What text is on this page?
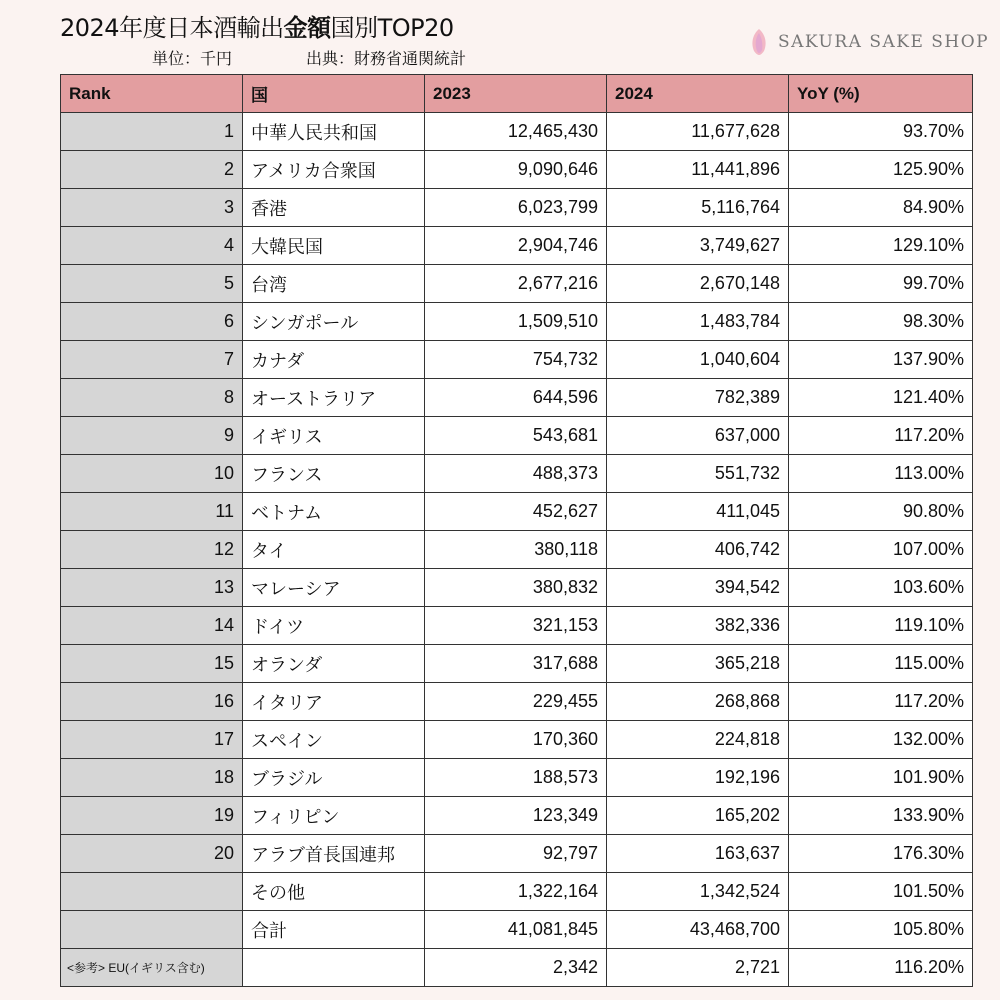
2024年度日本酒輸出金額国別TOP20
単位：千円	出典：財務省通関統計
SAKURA SAKE SHOP
Rank	国	2023	2024	YoY (%)
1	中華人民共和国	12,465,430	11,677,628	93.70%
2	アメリカ合衆国	9,090,646	11,441,896	125.90%
3	香港	6,023,799	5,116,764	84.90%
4	大韓民国	2,904,746	3,749,627	129.10%
5	台湾	2,677,216	2,670,148	99.70%
6	シンガポール	1,509,510	1,483,784	98.30%
7	カナダ	754,732	1,040,604	137.90%
8	オーストラリア	644,596	782,389	121.40%
9	イギリス	543,681	637,000	117.20%
10	フランス	488,373	551,732	113.00%
11	ベトナム	452,627	411,045	90.80%
12	タイ	380,118	406,742	107.00%
13	マレーシア	380,832	394,542	103.60%
14	ドイツ	321,153	382,336	119.10%
15	オランダ	317,688	365,218	115.00%
16	イタリア	229,455	268,868	117.20%
17	スペイン	170,360	224,818	132.00%
18	ブラジル	188,573	192,196	101.90%
19	フィリピン	123,349	165,202	133.90%
20	アラブ首長国連邦	92,797	163,637	176.30%
	その他	1,322,164	1,342,524	101.50%
	合計	41,081,845	43,468,700	105.80%
<参考> EU(イギリス含む)		2,342	2,721	116.20%
